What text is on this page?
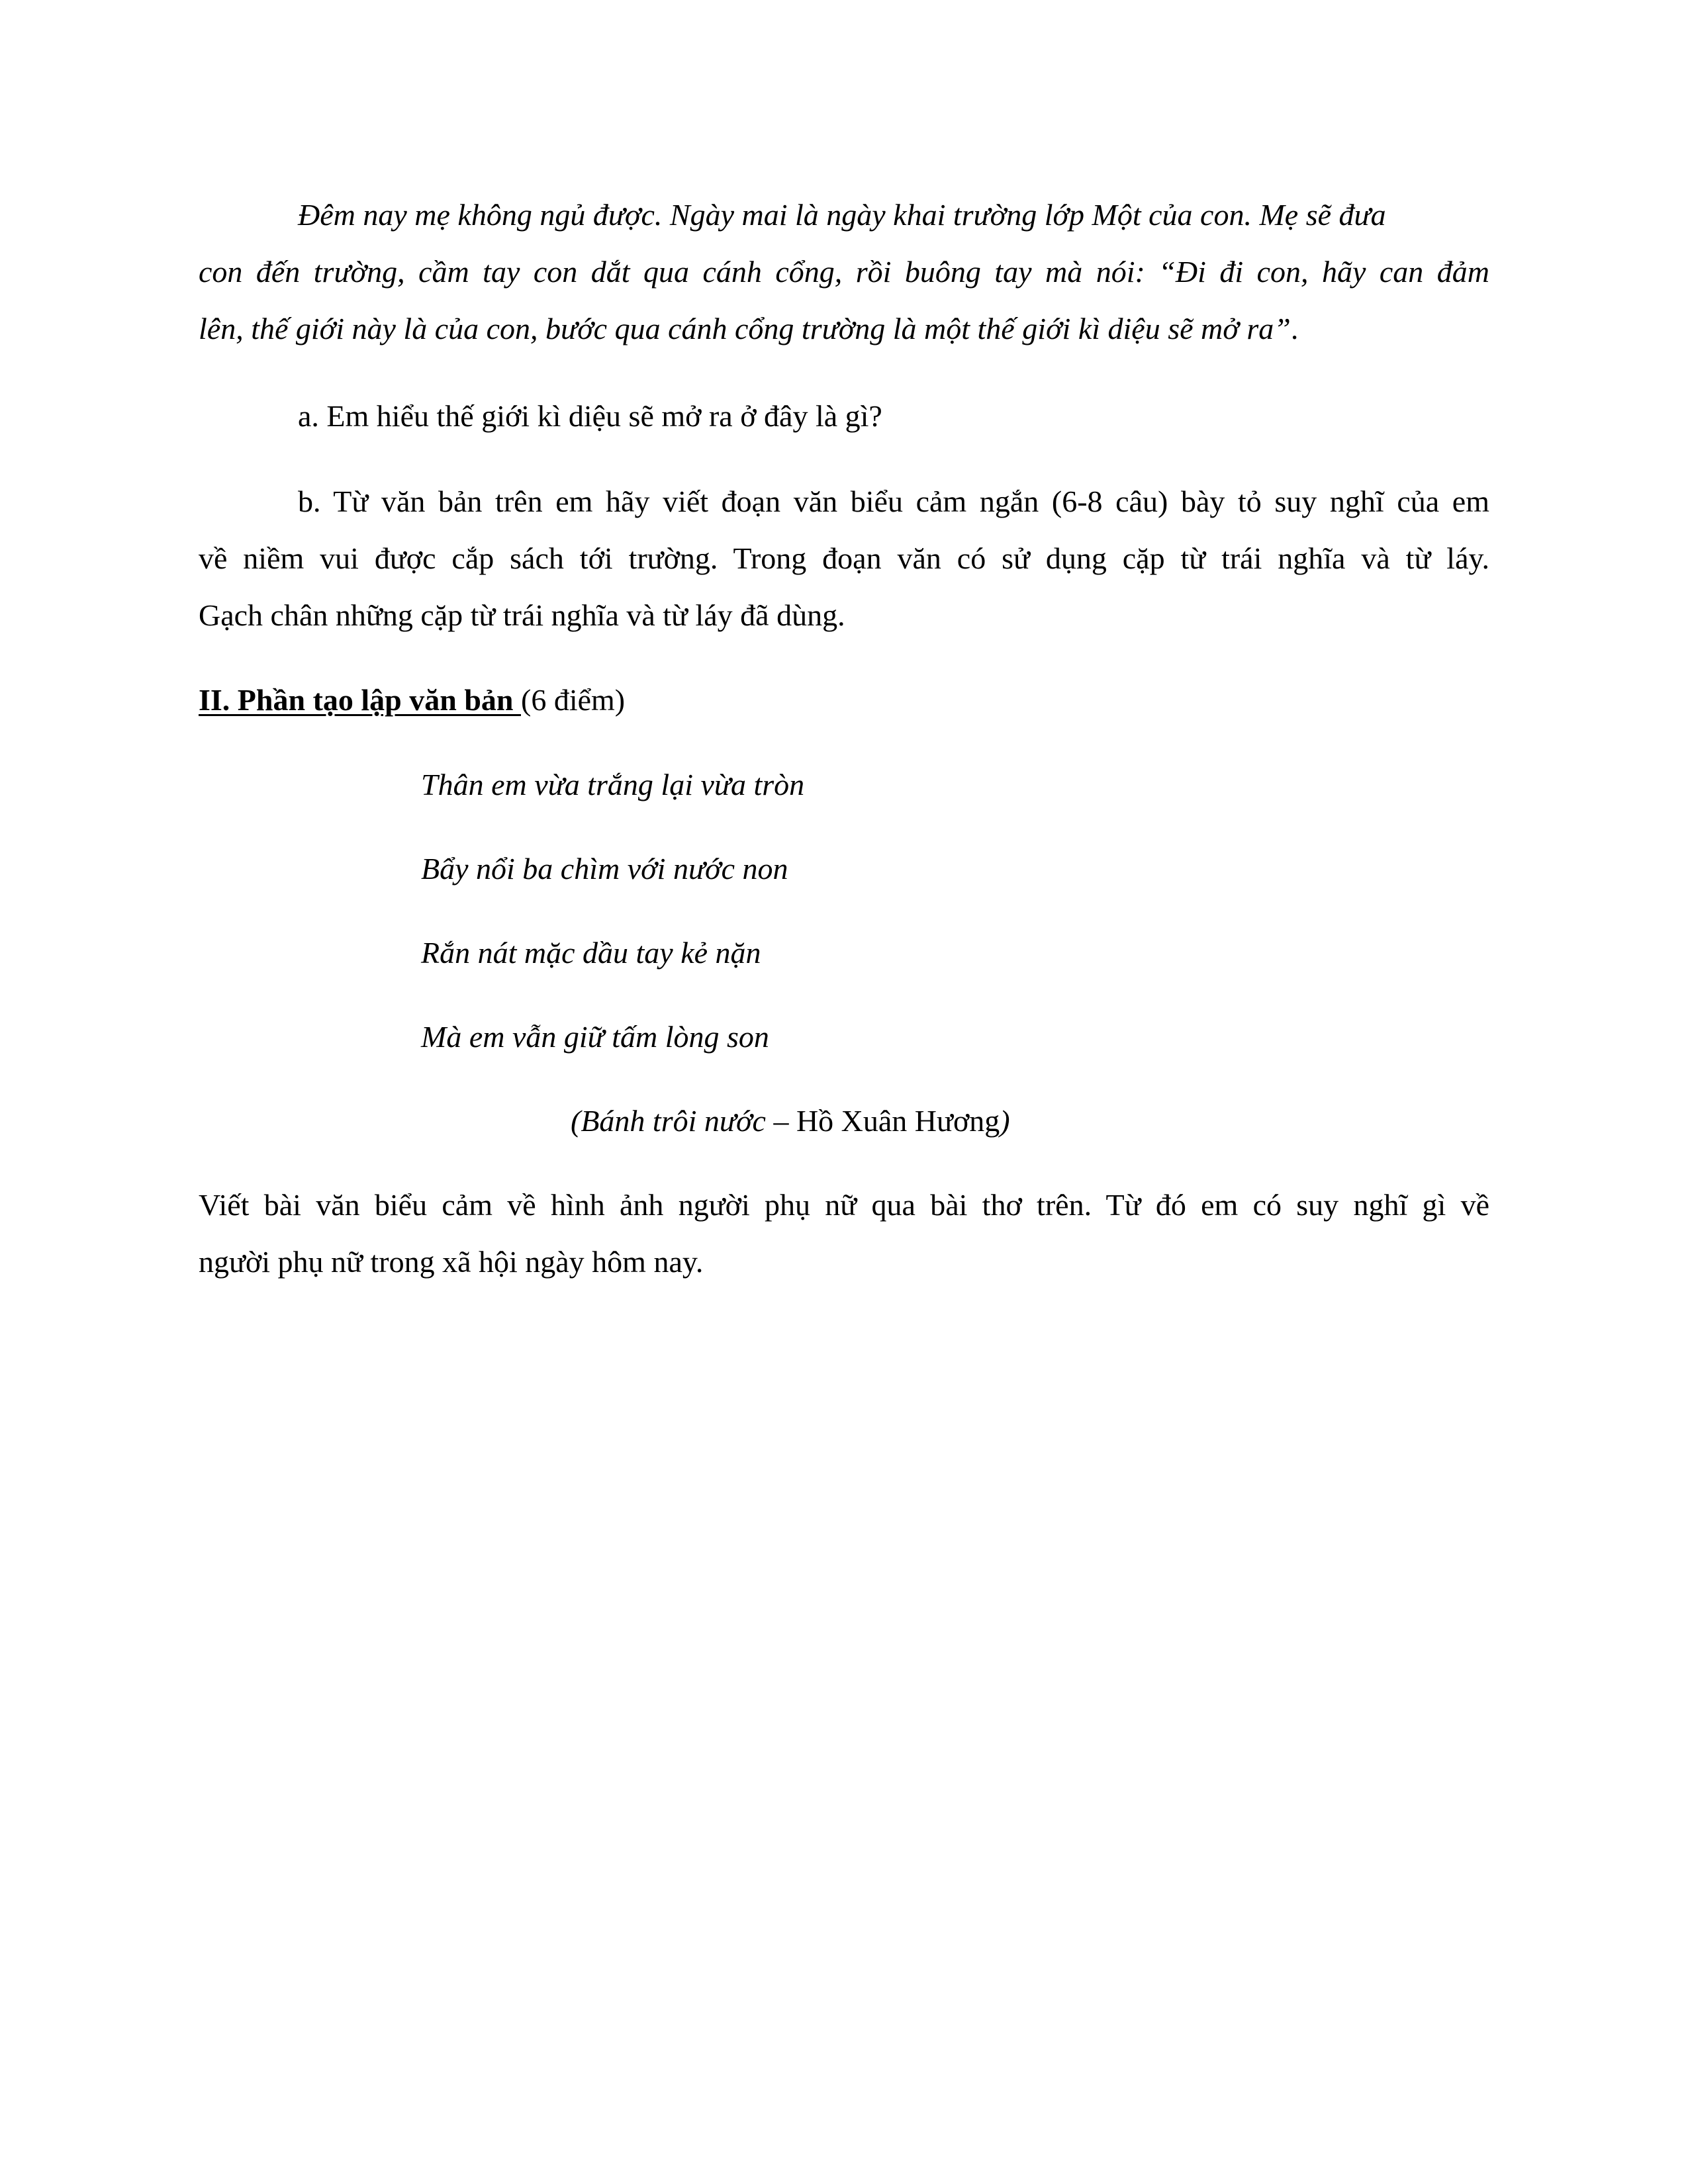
Đêm nay mẹ không ngủ được. Ngày mai là ngày khai trường lớp Một của con. Mẹ sẽ đưa
con đến trường, cầm tay con dắt qua cánh cổng, rồi buông tay mà nói: “Đi đi con, hãy can đảm
lên, thế giới này là của con, bước qua cánh cổng trường là một thế giới kì diệu sẽ mở ra”.
a. Em hiểu thế giới kì diệu sẽ mở ra ở đây là gì?
b. Từ văn bản trên em hãy viết đoạn văn biểu cảm ngắn (6-8 câu) bày tỏ suy nghĩ của em
về niềm vui được cắp sách tới trường. Trong đoạn văn có sử dụng cặp từ trái nghĩa và từ láy.
Gạch chân những cặp từ trái nghĩa và từ láy đã dùng.
II. Phần tạo lập văn bản (6 điểm)
Thân em vừa trắng lại vừa tròn
Bẩy nổi ba chìm với nước non
Rắn nát mặc dầu tay kẻ nặn
Mà em vẫn giữ tấm lòng son
(Bánh trôi nước – Hồ Xuân Hương)
Viết bài văn biểu cảm về hình ảnh người phụ nữ qua bài thơ trên. Từ đó em có suy nghĩ gì về
người phụ nữ trong xã hội ngày hôm nay.
